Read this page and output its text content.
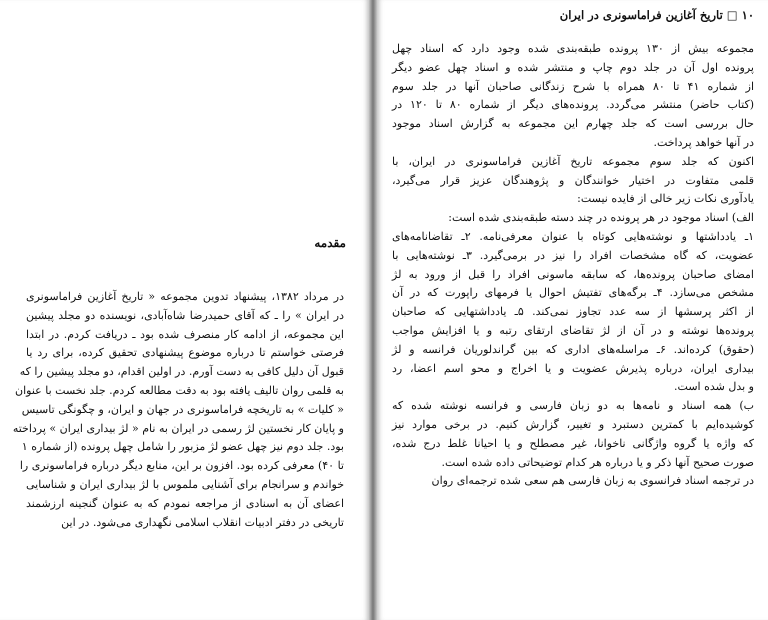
مقدمه
در مرداد ۱۳۸۲، پیشنهاد تدوین مجموعه « تاریخ آغازین فراماسونری
در ایران » را ـ که آقای حمیدرضا شاه‌آبادی، نویسنده دو مجلد پیشین
این مجموعه، از ادامه کار منصرف شده بود ـ دریافت کردم. در ابتدا
فرصتی خواستم تا درباره موضوع پیشنهادی تحقیق کرده، برای رد یا
قبول آن دلیل کافی به دست آورم. در اولین اقدام، دو مجلد پیشین را که
به قلمی روان تالیف یافته بود به دقت مطالعه کردم. جلد نخست با عنوان
« کلیات » به تاریخچه فراماسونری در جهان و ایران، و چگونگی تاسیس
و پایان کار نخستین لژ رسمی در ایران به نام « لژ بیداری ایران » پرداخته
بود. جلد دوم نیز چهل عضو لژ مزبور را شامل چهل پرونده (از شماره ۱
تا ۴۰) معرفی کرده بود. افزون بر این، منابع دیگر درباره فراماسونری را
خواندم و سرانجام برای آشنایی ملموس با لژ بیداری ایران و شناسایی
اعضای آن به اسنادی از مراجعه نمودم که به عنوان گنجینه ارزشمند
تاریخی در دفتر ادبیات انقلاب اسلامی نگهداری می‌شود. در این
۱۰ □ تاریخ آغازین فراماسونری در ایران
مجموعه بیش از ۱۳۰ پرونده طبقه‌بندی شده وجود دارد که اسناد چهل
پرونده اول آن در جلد دوم چاپ و منتشر شده و اسناد چهل عضو دیگر
از شماره ۴۱ تا ۸۰ همراه با شرح زندگانی صاحبان آنها در جلد سوم
(کتاب حاضر) منتشر می‌گردد. پرونده‌های دیگر از شماره ۸۰ تا ۱۲۰ در
حال بررسی است که جلد چهارم این مجموعه به گزارش اسناد موجود
در آنها خواهد پرداخت.
اکنون که جلد سوم مجموعه تاریخ آغازین فراماسونری در ایران، با
قلمی متفاوت در اختیار خوانندگان و پژوهندگان عزیز قرار می‌گیرد،
یادآوری نکات زیر خالی از فایده نیست:
الف) اسناد موجود در هر پرونده در چند دسته طبقه‌بندی شده است:
۱ـ یادداشتها و نوشته‌هایی کوتاه با عنوان معرفی‌نامه. ۲ـ تقاضانامه‌های
عضویت، که گاه مشخصات افراد را نیز در برمی‌گیرد. ۳ـ نوشته‌هایی با
امضای صاحبان پرونده‌ها، که سابقه ماسونی افراد را قبل از ورود به لژ
مشخص می‌سازد. ۴ـ برگه‌های تفتیش احوال یا فرمهای راپورت که در آن
از اکثر پرسشها از سه عدد تجاوز نمی‌کند. ۵ـ یادداشتهایی که صاحبان
پرونده‌ها نوشته و در آن از لژ تقاضای ارتقای رتبه و یا افزایش مواجب
(حقوق) کرده‌اند. ۶ـ مراسله‌های اداری که بین گراندلوریان فرانسه و لژ
بیداری ایران، درباره پذیرش عضویت و یا اخراج و محو اسم اعضا، رد
و بدل شده است.
ب) همه اسناد و نامه‌ها به دو زبان فارسی و فرانسه نوشته شده که
کوشیده‌ایم با کمترین دستبرد و تغییر، گزارش کنیم. در برخی موارد نیز
که واژه یا گروه واژگانی ناخوانا، غیر مصطلح و یا احیانا غلط درج شده،
صورت صحیح آنها ذکر و یا درباره هر کدام توضیحاتی داده شده است.
در ترجمه اسناد فرانسوی به زبان فارسی هم سعی شده ترجمه‌ای روان
